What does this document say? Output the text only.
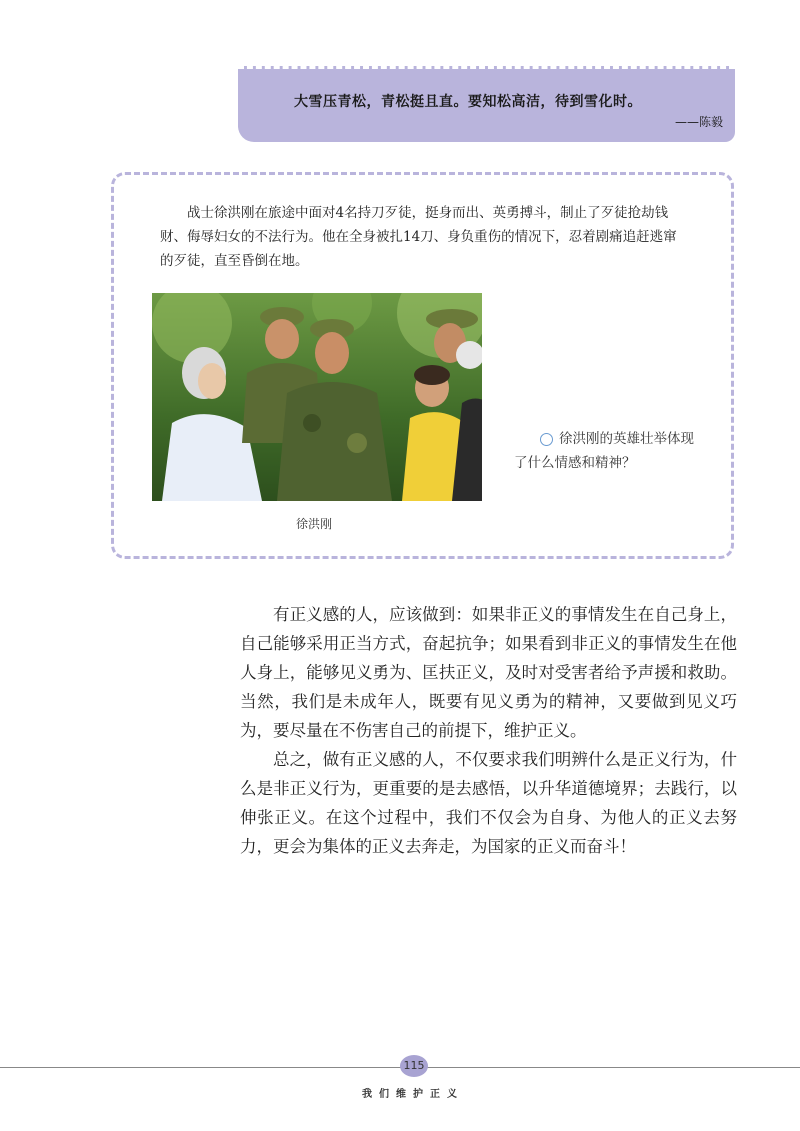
大雪压青松，青松挺且直。要知松高洁，待到雪化时。
——陈毅
战士徐洪刚在旅途中面对4名持刀歹徒，挺身而出、英勇搏斗，制止了歹徒抢劫钱财、侮辱妇女的不法行为。他在全身被扎14刀、身负重伤的情况下，忍着剧痛追赶逃窜的歹徒，直至昏倒在地。
徐洪刚
徐洪刚的英雄壮举体现了什么情感和精神？

有正义感的人，应该做到：如果非正义的事情发生在自己身上，自己能够采用正当方式，奋起抗争；如果看到非正义的事情发生在他人身上，能够见义勇为、匡扶正义，及时对受害者给予声援和救助。当然，我们是未成年人，既要有见义勇为的精神，又要做到见义巧为，要尽量在不伤害自己的前提下，维护正义。

总之，做有正义感的人，不仅要求我们明辨什么是正义行为，什么是非正义行为，更重要的是去感悟，以升华道德境界；去践行，以伸张正义。在这个过程中，我们不仅会为自身、为他人的正义去努力，更会为集体的正义去奔走，为国家的正义而奋斗！

115
我们维护正义
